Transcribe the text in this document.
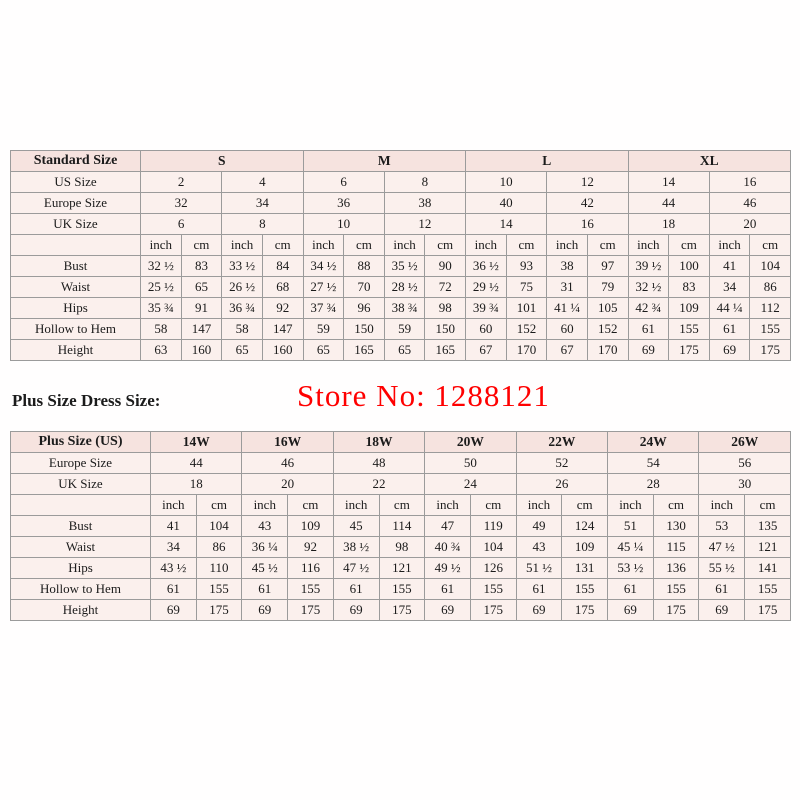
Standard Size	S				M				L				XL			
US Size	2		4		6		8		10		12		14		16	
Europe Size	32		34		36		38		40		42		44		46	
UK Size	6		8		10		12		14		16		18		20	
	inch	cm	inch	cm	inch	cm	inch	cm	inch	cm	inch	cm	inch	cm	inch	cm
Bust	32 ½	83	33 ½	84	34 ½	88	35 ½	90	36 ½	93	38	97	39 ½	100	41	104
Waist	25 ½	65	26 ½	68	27 ½	70	28 ½	72	29 ½	75	31	79	32 ½	83	34	86
Hips	35 ¾	91	36 ¾	92	37 ¾	96	38 ¾	98	39 ¾	101	41 ¼	105	42 ¾	109	44 ¼	112
Hollow to Hem	58	147	58	147	59	150	59	150	60	152	60	152	61	155	61	155
Height	63	160	65	160	65	165	65	165	67	170	67	170	69	175	69	175
Plus Size Dress Size:	Store No: 1288121
Plus Size (US)	14W		16W		18W		20W		22W		24W		26W	
Europe Size	44		46		48		50		52		54		56	
UK Size	18		20		22		24		26		28		30	
	inch	cm	inch	cm	inch	cm	inch	cm	inch	cm	inch	cm	inch	cm
Bust	41	104	43	109	45	114	47	119	49	124	51	130	53	135
Waist	34	86	36 ¼	92	38 ½	98	40 ¾	104	43	109	45 ¼	115	47 ½	121
Hips	43 ½	110	45 ½	116	47 ½	121	49 ½	126	51 ½	131	53 ½	136	55 ½	141
Hollow to Hem	61	155	61	155	61	155	61	155	61	155	61	155	61	155
Height	69	175	69	175	69	175	69	175	69	175	69	175	69	175
